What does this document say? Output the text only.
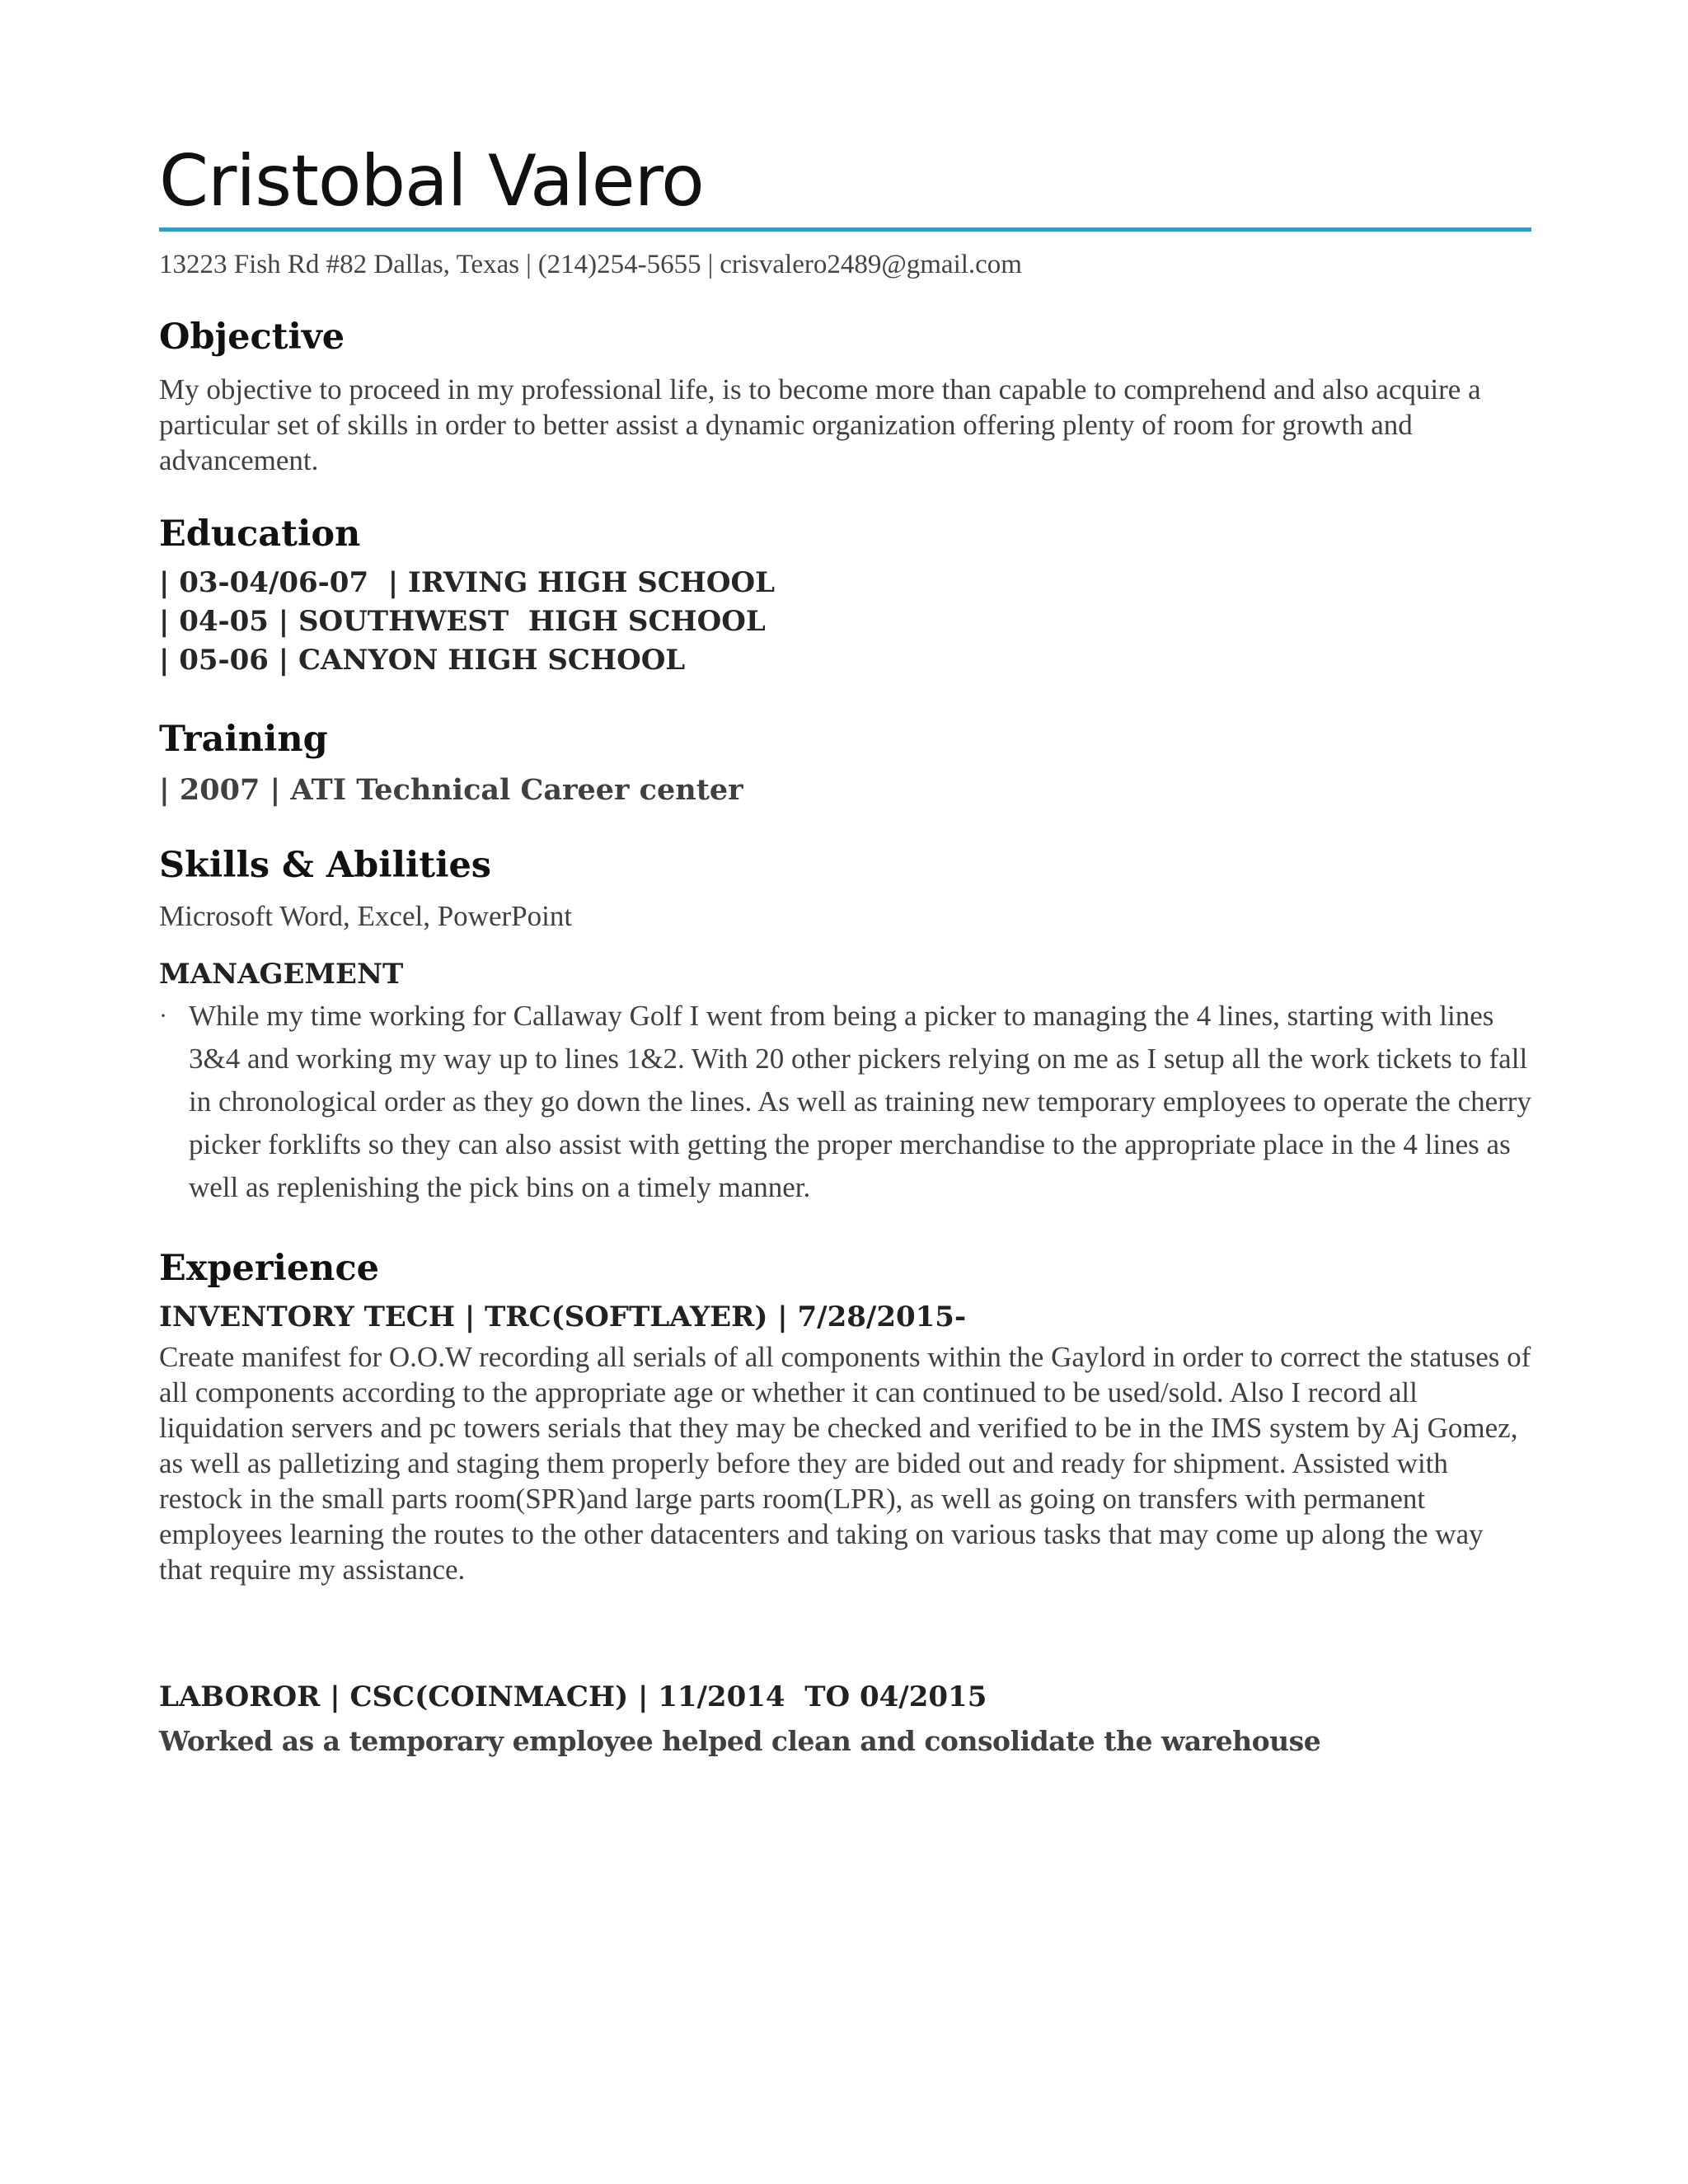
Cristobal Valero
13223 Fish Rd #82 Dallas, Texas | (214)254-5655 | crisvalero2489@gmail.com
Objective
My objective to proceed in my professional life, is to become more than capable to comprehend and also acquire a particular set of skills in order to better assist a dynamic organization offering plenty of room for growth and advancement.
Education
| 03-04/06-07  | IRVING HIGH SCHOOL
| 04-05 | SOUTHWEST  HIGH SCHOOL
| 05-06 | CANYON HIGH SCHOOL
Training
| 2007 | ATI Technical Career center
Skills & Abilities
Microsoft Word, Excel, PowerPoint
MANAGEMENT
· While my time working for Callaway Golf I went from being a picker to managing the 4 lines, starting with lines 3&4 and working my way up to lines 1&2. With 20 other pickers relying on me as I setup all the work tickets to fall in chronological order as they go down the lines. As well as training new temporary employees to operate the cherry picker forklifts so they can also assist with getting the proper merchandise to the appropriate place in the 4 lines as well as replenishing the pick bins on a timely manner.
Experience
INVENTORY TECH | TRC(SOFTLAYER) | 7/28/2015-
Create manifest for O.O.W recording all serials of all components within the Gaylord in order to correct the statuses of all components according to the appropriate age or whether it can continued to be used/sold. Also I record all liquidation servers and pc towers serials that they may be checked and verified to be in the IMS system by Aj Gomez, as well as palletizing and staging them properly before they are bided out and ready for shipment. Assisted with restock in the small parts room(SPR)and large parts room(LPR), as well as going on transfers with permanent employees learning the routes to the other datacenters and taking on various tasks that may come up along the way that require my assistance.
LABOROR | CSC(COINMACH) | 11/2014  TO 04/2015
Worked as a temporary employee helped clean and consolidate the warehouse
